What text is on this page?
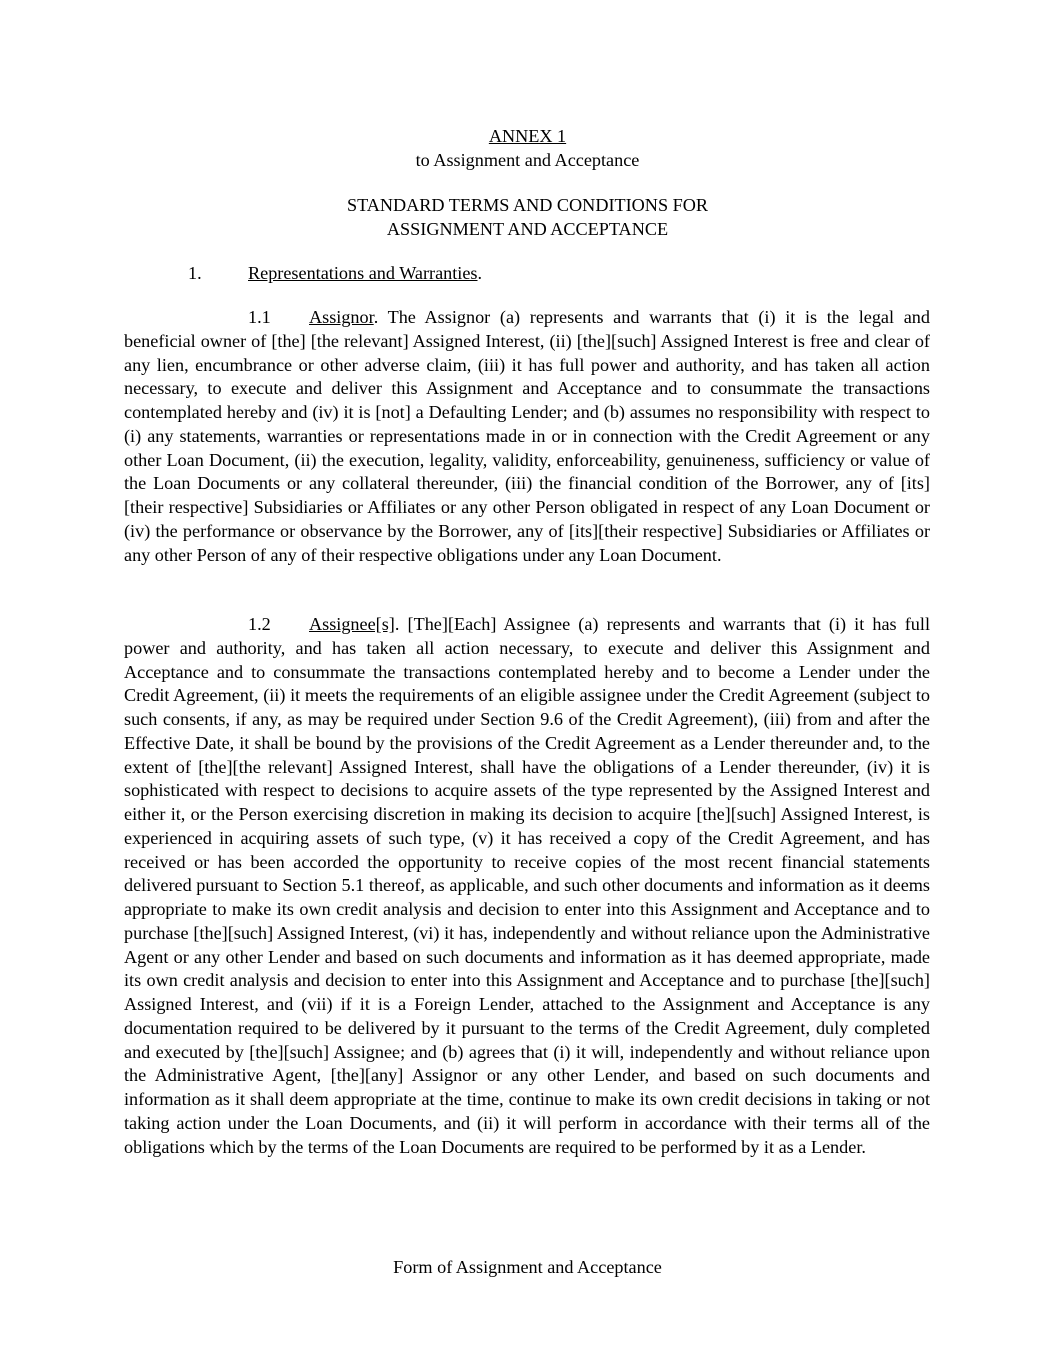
ANNEX 1
to Assignment and Acceptance
STANDARD TERMS AND CONDITIONS FOR
ASSIGNMENT AND ACCEPTANCE
1.	Representations and Warranties.

1.1 Assignor. The Assignor (a) represents and warrants that (i) it is the legal and beneficial owner of [the] [the relevant] Assigned Interest, (ii) [the][such] Assigned Interest is free and clear of any lien, encumbrance or other adverse claim, (iii) it has full power and authority, and has taken all action necessary, to execute and deliver this Assignment and Acceptance and to consummate the transactions contemplated hereby and (iv) it is [not] a Defaulting Lender; and (b) assumes no responsibility with respect to (i) any statements, warranties or representations made in or in connection with the Credit Agreement or any other Loan Document, (ii) the execution, legality, validity, enforceability, genuineness, sufficiency or value of the Loan Documents or any collateral thereunder, (iii) the financial condition of the Borrower, any of [its][their respective] Subsidiaries or Affiliates or any other Person obligated in respect of any Loan Document or (iv) the performance or observance by the Borrower, any of [its][their respective] Subsidiaries or Affiliates or any other Person of any of their respective obligations under any Loan Document.

1.2 Assignee[s]. [The][Each] Assignee (a) represents and warrants that (i) it has full power and authority, and has taken all action necessary, to execute and deliver this Assignment and Acceptance and to consummate the transactions contemplated hereby and to become a Lender under the Credit Agreement, (ii) it meets the requirements of an eligible assignee under the Credit Agreement (subject to such consents, if any, as may be required under Section 9.6 of the Credit Agreement), (iii) from and after the Effective Date, it shall be bound by the provisions of the Credit Agreement as a Lender thereunder and, to the extent of [the][the relevant] Assigned Interest, shall have the obligations of a Lender thereunder, (iv) it is sophisticated with respect to decisions to acquire assets of the type represented by the Assigned Interest and either it, or the Person exercising discretion in making its decision to acquire [the][such] Assigned Interest, is experienced in acquiring assets of such type, (v) it has received a copy of the Credit Agreement, and has received or has been accorded the opportunity to receive copies of the most recent financial statements delivered pursuant to Section 5.1 thereof, as applicable, and such other documents and information as it deems appropriate to make its own credit analysis and decision to enter into this Assignment and Acceptance and to purchase [the][such] Assigned Interest, (vi) it has, independently and without reliance upon the Administrative Agent or any other Lender and based on such documents and information as it has deemed appropriate, made its own credit analysis and decision to enter into this Assignment and Acceptance and to purchase [the][such] Assigned Interest, and (vii) if it is a Foreign Lender, attached to the Assignment and Acceptance is any documentation required to be delivered by it pursuant to the terms of the Credit Agreement, duly completed and executed by [the][such] Assignee; and (b) agrees that (i) it will, independently and without reliance upon the Administrative Agent, [the][any] Assignor or any other Lender, and based on such documents and information as it shall deem appropriate at the time, continue to make its own credit decisions in taking or not taking action under the Loan Documents, and (ii) it will perform in accordance with their terms all of the obligations which by the terms of the Loan Documents are required to be performed by it as a Lender.

Form of Assignment and Acceptance
